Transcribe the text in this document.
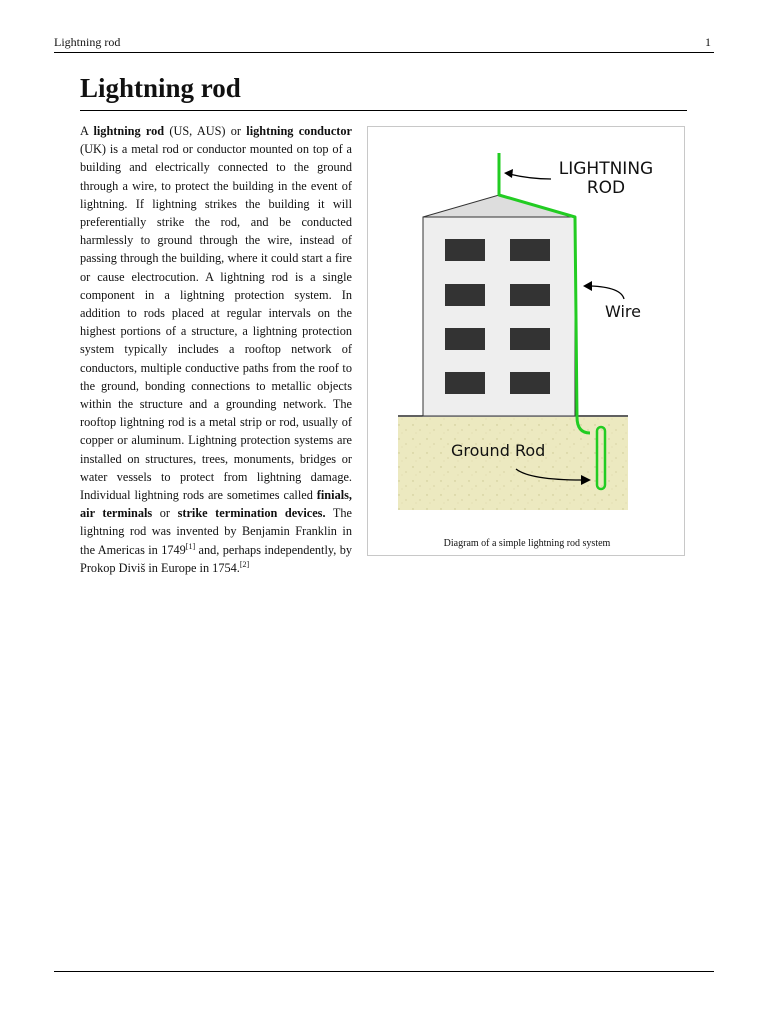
Lightning rod	1
Lightning rod
A lightning rod (US, AUS) or lightning conductor (UK) is a metal rod or conductor mounted on top of a building and electrically connected to the ground through a wire, to protect the building in the event of lightning. If lightning strikes the building it will preferentially strike the rod, and be conducted harmlessly to ground through the wire, instead of passing through the building, where it could start a fire or cause electrocution. A lightning rod is a single component in a lightning protection system. In addition to rods placed at regular intervals on the highest portions of a structure, a lightning protection system typically includes a rooftop network of conductors, multiple conductive paths from the roof to the ground, bonding connections to metallic objects within the structure and a grounding network. The rooftop lightning rod is a metal strip or rod, usually of copper or aluminum. Lightning protection systems are installed on structures, trees, monuments, bridges or water vessels to protect from lightning damage. Individual lightning rods are sometimes called finials, air terminals or strike termination devices. The lightning rod was invented by Benjamin Franklin in the Americas in 1749[1] and, perhaps independently, by Prokop Diviš in Europe in 1754.[2]
LIGHTNING
ROD
Wire
Ground Rod
Diagram of a simple lightning rod system
